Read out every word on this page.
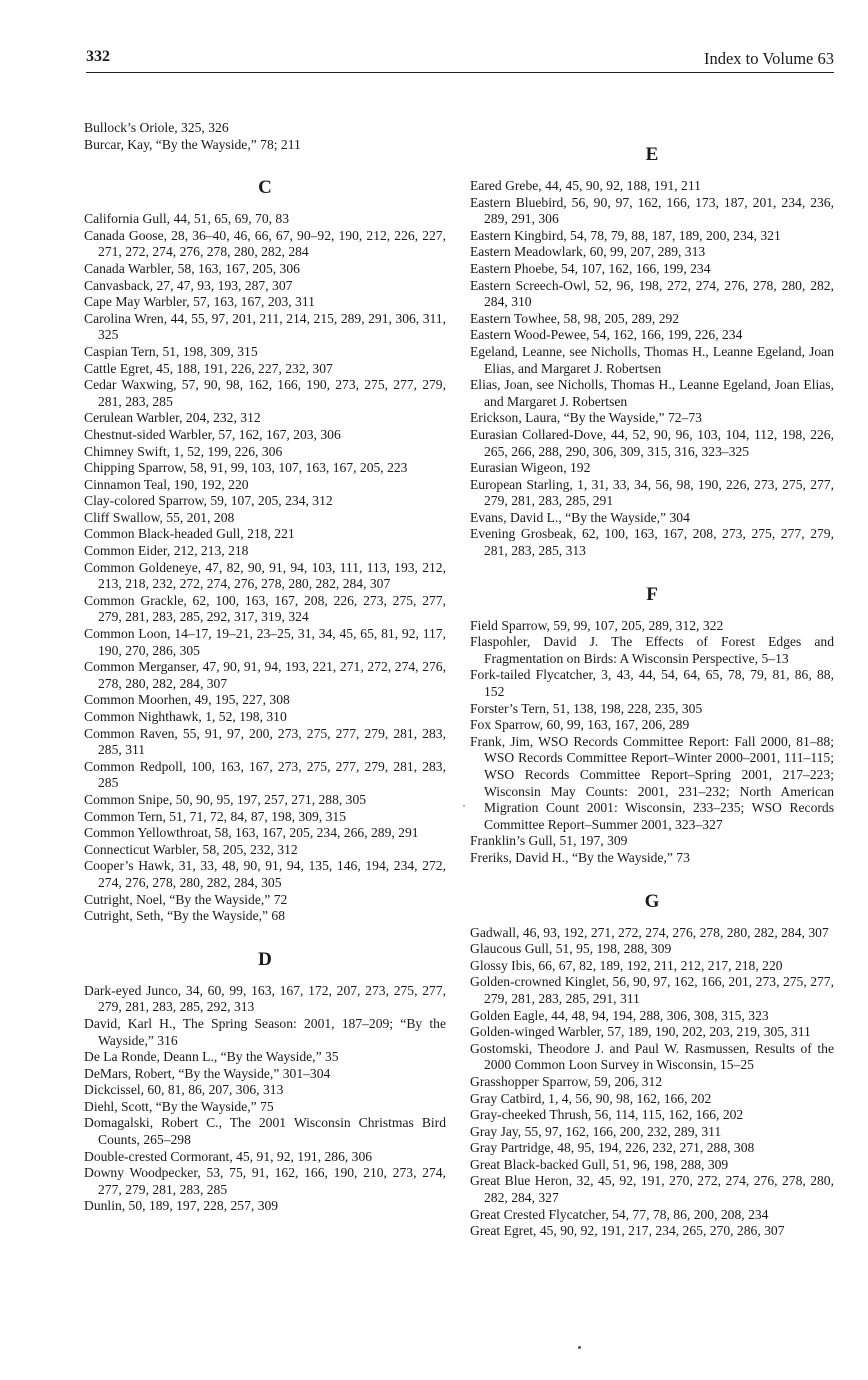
332	Index to Volume 63
Bullock’s Oriole, 325, 326
Burcar, Kay, “By the Wayside,” 78; 211
C
California Gull, 44, 51, 65, 69, 70, 83
Canada Goose, 28, 36–40, 46, 66, 67, 90–92, 190, 212, 226, 227, 271, 272, 274, 276, 278, 280, 282, 284
Canada Warbler, 58, 163, 167, 205, 306
Canvasback, 27, 47, 93, 193, 287, 307
Cape May Warbler, 57, 163, 167, 203, 311
Carolina Wren, 44, 55, 97, 201, 211, 214, 215, 289, 291, 306, 311, 325
Caspian Tern, 51, 198, 309, 315
Cattle Egret, 45, 188, 191, 226, 227, 232, 307
Cedar Waxwing, 57, 90, 98, 162, 166, 190, 273, 275, 277, 279, 281, 283, 285
Cerulean Warbler, 204, 232, 312
Chestnut-sided Warbler, 57, 162, 167, 203, 306
Chimney Swift, 1, 52, 199, 226, 306
Chipping Sparrow, 58, 91, 99, 103, 107, 163, 167, 205, 223
Cinnamon Teal, 190, 192, 220
Clay-colored Sparrow, 59, 107, 205, 234, 312
Cliff Swallow, 55, 201, 208
Common Black-headed Gull, 218, 221
Common Eider, 212, 213, 218
Common Goldeneye, 47, 82, 90, 91, 94, 103, 111, 113, 193, 212, 213, 218, 232, 272, 274, 276, 278, 280, 282, 284, 307
Common Grackle, 62, 100, 163, 167, 208, 226, 273, 275, 277, 279, 281, 283, 285, 292, 317, 319, 324
Common Loon, 14–17, 19–21, 23–25, 31, 34, 45, 65, 81, 92, 117, 190, 270, 286, 305
Common Merganser, 47, 90, 91, 94, 193, 221, 271, 272, 274, 276, 278, 280, 282, 284, 307
Common Moorhen, 49, 195, 227, 308
Common Nighthawk, 1, 52, 198, 310
Common Raven, 55, 91, 97, 200, 273, 275, 277, 279, 281, 283, 285, 311
Common Redpoll, 100, 163, 167, 273, 275, 277, 279, 281, 283, 285
Common Snipe, 50, 90, 95, 197, 257, 271, 288, 305
Common Tern, 51, 71, 72, 84, 87, 198, 309, 315
Common Yellowthroat, 58, 163, 167, 205, 234, 266, 289, 291
Connecticut Warbler, 58, 205, 232, 312
Cooper’s Hawk, 31, 33, 48, 90, 91, 94, 135, 146, 194, 234, 272, 274, 276, 278, 280, 282, 284, 305
Cutright, Noel, “By the Wayside,” 72
Cutright, Seth, “By the Wayside,” 68
D
Dark-eyed Junco, 34, 60, 99, 163, 167, 172, 207, 273, 275, 277, 279, 281, 283, 285, 292, 313
David, Karl H., The Spring Season: 2001, 187–209; “By the Wayside,” 316
De La Ronde, Deann L., “By the Wayside,” 35
DeMars, Robert, “By the Wayside,” 301–304
Dickcissel, 60, 81, 86, 207, 306, 313
Diehl, Scott, “By the Wayside,” 75
Domagalski, Robert C., The 2001 Wisconsin Christmas Bird Counts, 265–298
Double-crested Cormorant, 45, 91, 92, 191, 286, 306
Downy Woodpecker, 53, 75, 91, 162, 166, 190, 210, 273, 274, 277, 279, 281, 283, 285
Dunlin, 50, 189, 197, 228, 257, 309
E
Eared Grebe, 44, 45, 90, 92, 188, 191, 211
Eastern Bluebird, 56, 90, 97, 162, 166, 173, 187, 201, 234, 236, 289, 291, 306
Eastern Kingbird, 54, 78, 79, 88, 187, 189, 200, 234, 321
Eastern Meadowlark, 60, 99, 207, 289, 313
Eastern Phoebe, 54, 107, 162, 166, 199, 234
Eastern Screech-Owl, 52, 96, 198, 272, 274, 276, 278, 280, 282, 284, 310
Eastern Towhee, 58, 98, 205, 289, 292
Eastern Wood-Pewee, 54, 162, 166, 199, 226, 234
Egeland, Leanne, see Nicholls, Thomas H., Leanne Egeland, Joan Elias, and Margaret J. Robertsen
Elias, Joan, see Nicholls, Thomas H., Leanne Egeland, Joan Elias, and Margaret J. Robertsen
Erickson, Laura, “By the Wayside,” 72–73
Eurasian Collared-Dove, 44, 52, 90, 96, 103, 104, 112, 198, 226, 265, 266, 288, 290, 306, 309, 315, 316, 323–325
Eurasian Wigeon, 192
European Starling, 1, 31, 33, 34, 56, 98, 190, 226, 273, 275, 277, 279, 281, 283, 285, 291
Evans, David L., “By the Wayside,” 304
Evening Grosbeak, 62, 100, 163, 167, 208, 273, 275, 277, 279, 281, 283, 285, 313
F
Field Sparrow, 59, 99, 107, 205, 289, 312, 322
Flaspohler, David J. The Effects of Forest Edges and Fragmentation on Birds: A Wisconsin Perspective, 5–13
Fork-tailed Flycatcher, 3, 43, 44, 54, 64, 65, 78, 79, 81, 86, 88, 152
Forster’s Tern, 51, 138, 198, 228, 235, 305
Fox Sparrow, 60, 99, 163, 167, 206, 289
Frank, Jim, WSO Records Committee Report: Fall 2000, 81–88; WSO Records Committee Report–Winter 2000–2001, 111–115; WSO Records Committee Report–Spring 2001, 217–223; Wisconsin May Counts: 2001, 231–232; North American Migration Count 2001: Wisconsin, 233–235; WSO Records Committee Report–Summer 2001, 323–327
Franklin’s Gull, 51, 197, 309
Freriks, David H., “By the Wayside,” 73
G
Gadwall, 46, 93, 192, 271, 272, 274, 276, 278, 280, 282, 284, 307
Glaucous Gull, 51, 95, 198, 288, 309
Glossy Ibis, 66, 67, 82, 189, 192, 211, 212, 217, 218, 220
Golden-crowned Kinglet, 56, 90, 97, 162, 166, 201, 273, 275, 277, 279, 281, 283, 285, 291, 311
Golden Eagle, 44, 48, 94, 194, 288, 306, 308, 315, 323
Golden-winged Warbler, 57, 189, 190, 202, 203, 219, 305, 311
Gostomski, Theodore J. and Paul W. Rasmussen, Results of the 2000 Common Loon Survey in Wisconsin, 15–25
Grasshopper Sparrow, 59, 206, 312
Gray Catbird, 1, 4, 56, 90, 98, 162, 166, 202
Gray-cheeked Thrush, 56, 114, 115, 162, 166, 202
Gray Jay, 55, 97, 162, 166, 200, 232, 289, 311
Gray Partridge, 48, 95, 194, 226, 232, 271, 288, 308
Great Black-backed Gull, 51, 96, 198, 288, 309
Great Blue Heron, 32, 45, 92, 191, 270, 272, 274, 276, 278, 280, 282, 284, 327
Great Crested Flycatcher, 54, 77, 78, 86, 200, 208, 234
Great Egret, 45, 90, 92, 191, 217, 234, 265, 270, 286, 307
